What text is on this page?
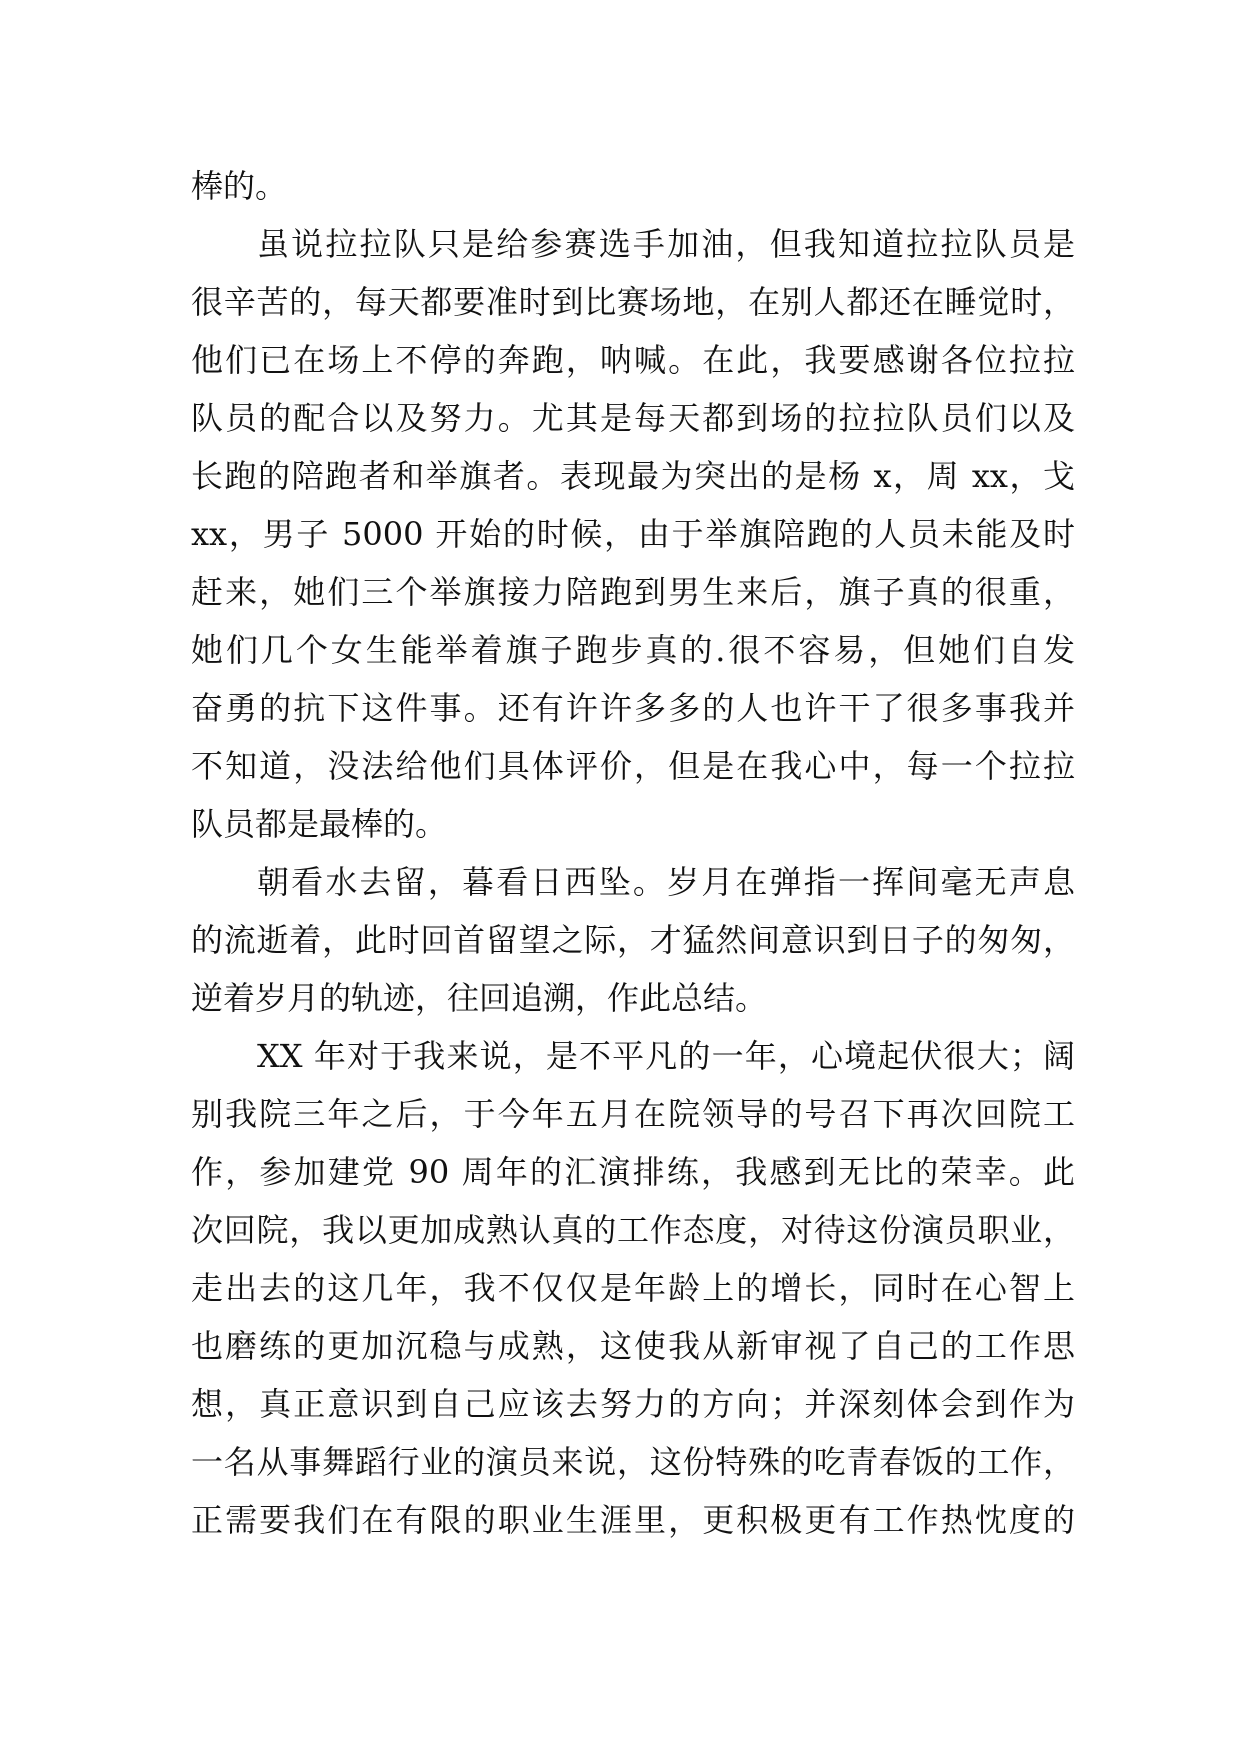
棒的。
虽说拉拉队只是给参赛选手加油，但我知道拉拉队员是
很辛苦的，每天都要准时到比赛场地，在别人都还在睡觉时，
他们已在场上不停的奔跑，呐喊。在此，我要感谢各位拉拉
队员的配合以及努力。尤其是每天都到场的拉拉队员们以及
长跑的陪跑者和举旗者。表现最为突出的是杨 x，周 xx，戈
xx，男子 5000 开始的时候，由于举旗陪跑的人员未能及时
赶来，她们三个举旗接力陪跑到男生来后，旗子真的很重，
她们几个女生能举着旗子跑步真的.很不容易，但她们自发
奋勇的抗下这件事。还有许许多多的人也许干了很多事我并
不知道，没法给他们具体评价，但是在我心中，每一个拉拉
队员都是最棒的。
朝看水去留，暮看日西坠。岁月在弹指一挥间毫无声息
的流逝着，此时回首留望之际，才猛然间意识到日子的匆匆，
逆着岁月的轨迹，往回追溯，作此总结。
XX 年对于我来说，是不平凡的一年，心境起伏很大；阔
别我院三年之后，于今年五月在院领导的号召下再次回院工
作，参加建党 90 周年的汇演排练，我感到无比的荣幸。此
次回院，我以更加成熟认真的工作态度，对待这份演员职业，
走出去的这几年，我不仅仅是年龄上的增长，同时在心智上
也磨练的更加沉稳与成熟，这使我从新审视了自己的工作思
想，真正意识到自己应该去努力的方向；并深刻体会到作为
一名从事舞蹈行业的演员来说，这份特殊的吃青春饭的工作，
正需要我们在有限的职业生涯里，更积极更有工作热忱度的
